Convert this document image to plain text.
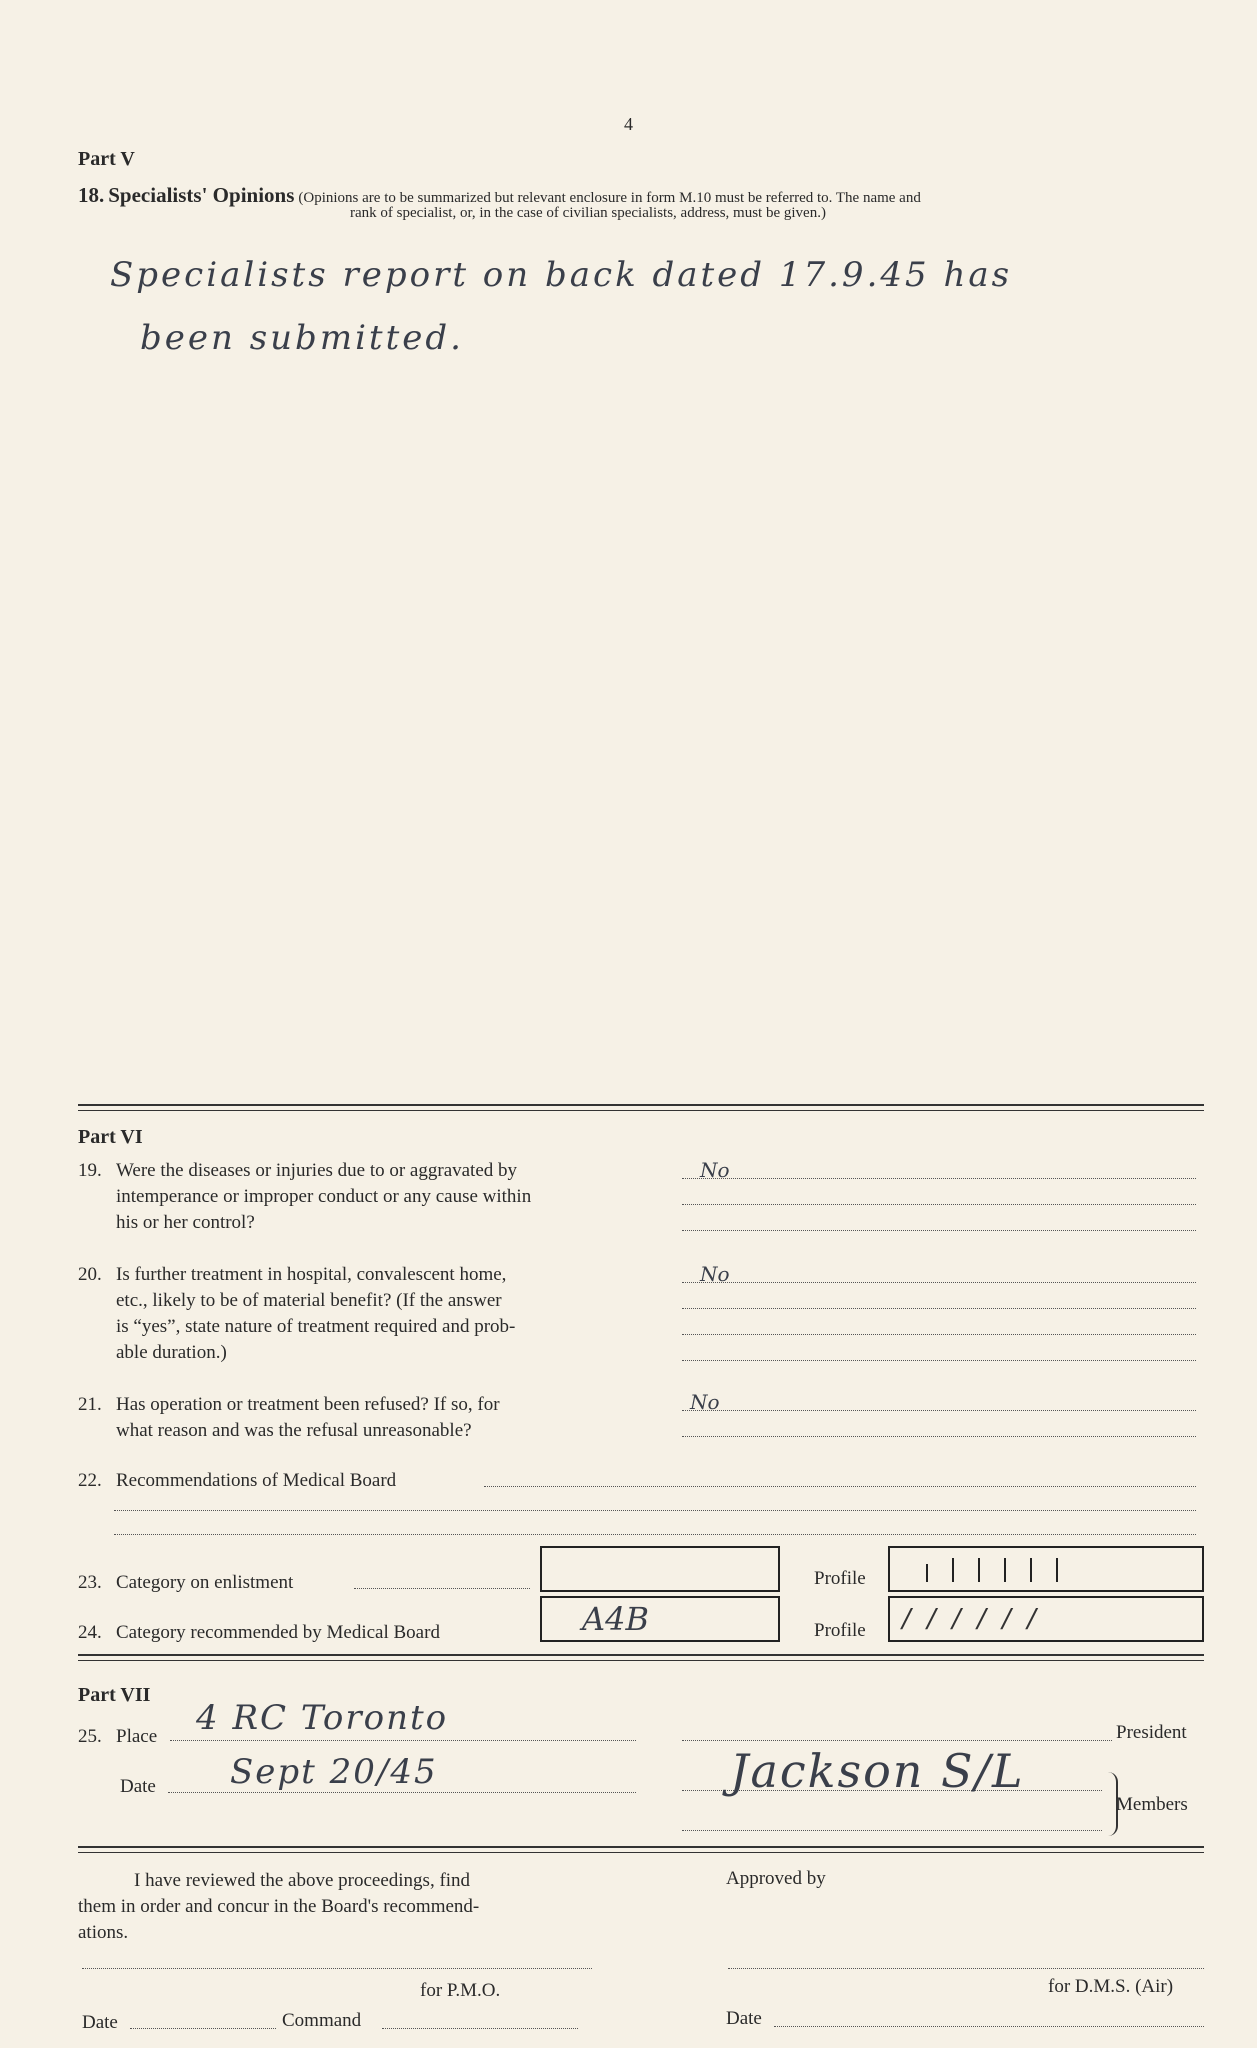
4
Part V
18. Specialists' Opinions (Opinions are to be summarized but relevant enclosure in form M.10 must be referred to. The name and
rank of specialist, or, in the case of civilian specialists, address, must be given.)
Specialists report on back dated 17.9.45 has
been submitted.
Part VI
19. Were the diseases or injuries due to or aggravated by
intemperance or improper conduct or any cause within
his or her control?
No
20. Is further treatment in hospital, convalescent home,
etc., likely to be of material benefit? (If the answer
is “yes”, state nature of treatment required and prob-
able duration.)
No
21. Has operation or treatment been refused? If so, for
what reason and was the refusal unreasonable?
No
22. Recommendations of Medical Board
23. Category on enlistment	Profile
24. Category recommended by Medical Board	A4B	Profile	/ / / / / /
Part VII
25. Place 4 RC Toronto
Date Sept 20/45
President
Members
Jackson S/L
I have reviewed the above proceedings, find
them in order and concur in the Board's recommend-
ations.
Approved by
for P.M.O.	for D.M.S. (Air)
Date	Command	Date
